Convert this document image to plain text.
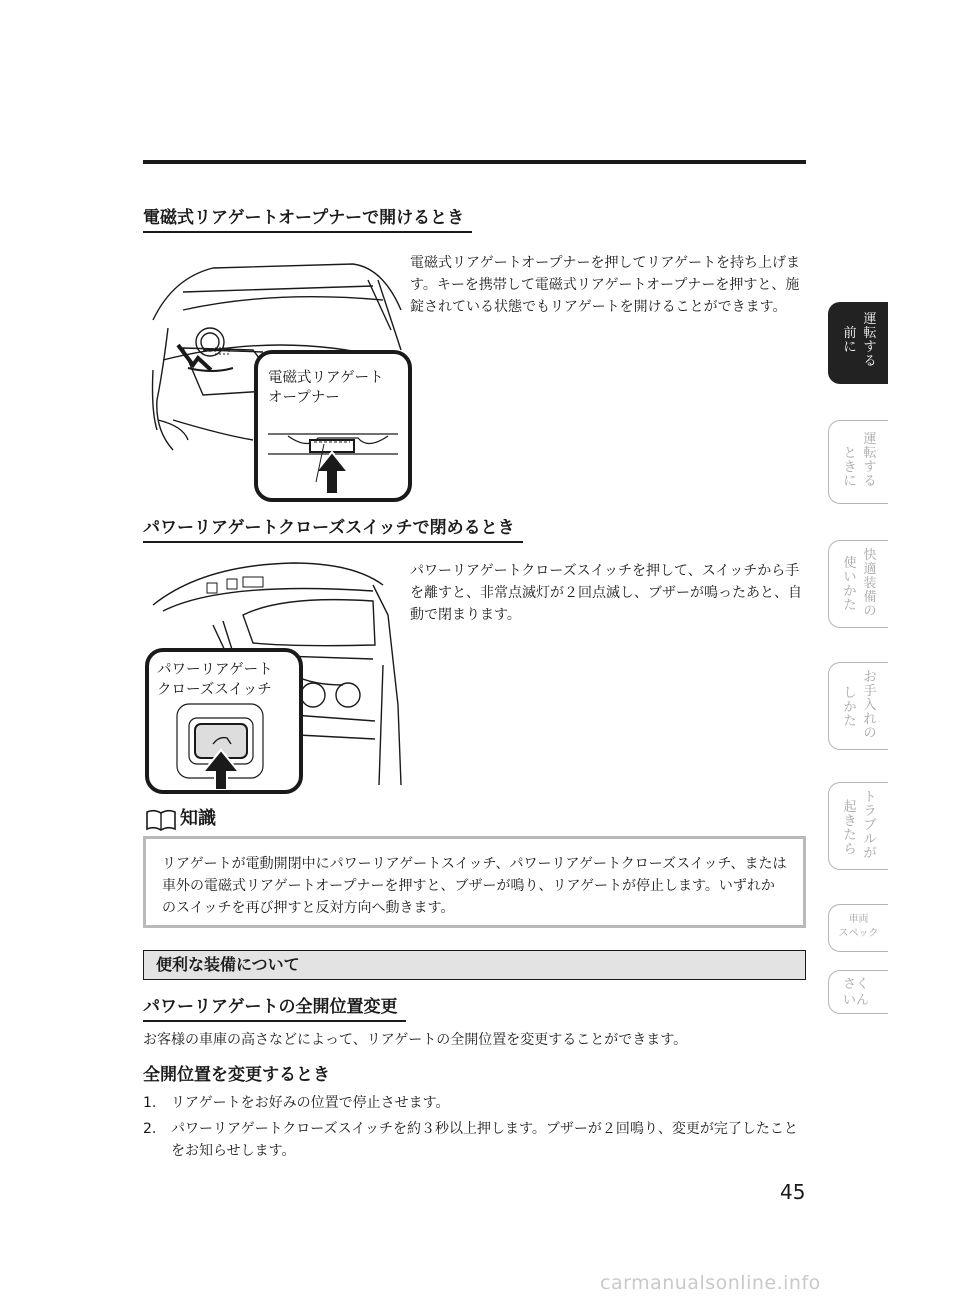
電磁式リアゲートオープナーで開けるとき
電磁式リアゲート
オープナー
電磁式リアゲートオープナーを押してリアゲートを持ち上げます。キーを携帯して電磁式リアゲートオープナーを押すと、施錠されている状態でもリアゲートを開けることができます。
パワーリアゲートクローズスイッチで閉めるとき
パワーリアゲート
クローズスイッチ
パワーリアゲートクローズスイッチを押して、スイッチから手を離すと、非常点滅灯が２回点滅し、ブザーが鳴ったあと、自動で閉まります。
知識
リアゲートが電動開閉中にパワーリアゲートスイッチ、パワーリアゲートクローズスイッチ、または車外の電磁式リアゲートオープナーを押すと、ブザーが鳴り、リアゲートが停止します。いずれかのスイッチを再び押すと反対方向へ動きます。
便利な装備について
パワーリアゲートの全開位置変更
お客様の車庫の高さなどによって、リアゲートの全開位置を変更することができます。
全開位置を変更するとき
1.	リアゲートをお好みの位置で停止させます。
2.	パワーリアゲートクローズスイッチを約３秒以上押します。ブザーが２回鳴り、変更が完了したことをお知らせします。
運
転
す
る
前
に
運
転
す
る
と
き
に
快
適
装
備
の
使
い
か
た
お
手
入
れ
の
し
か
た
ト
ラ
ブ
ル
が
起
き
た
ら
車両
スペック
さく
いん
45
carmanualsonline.info
